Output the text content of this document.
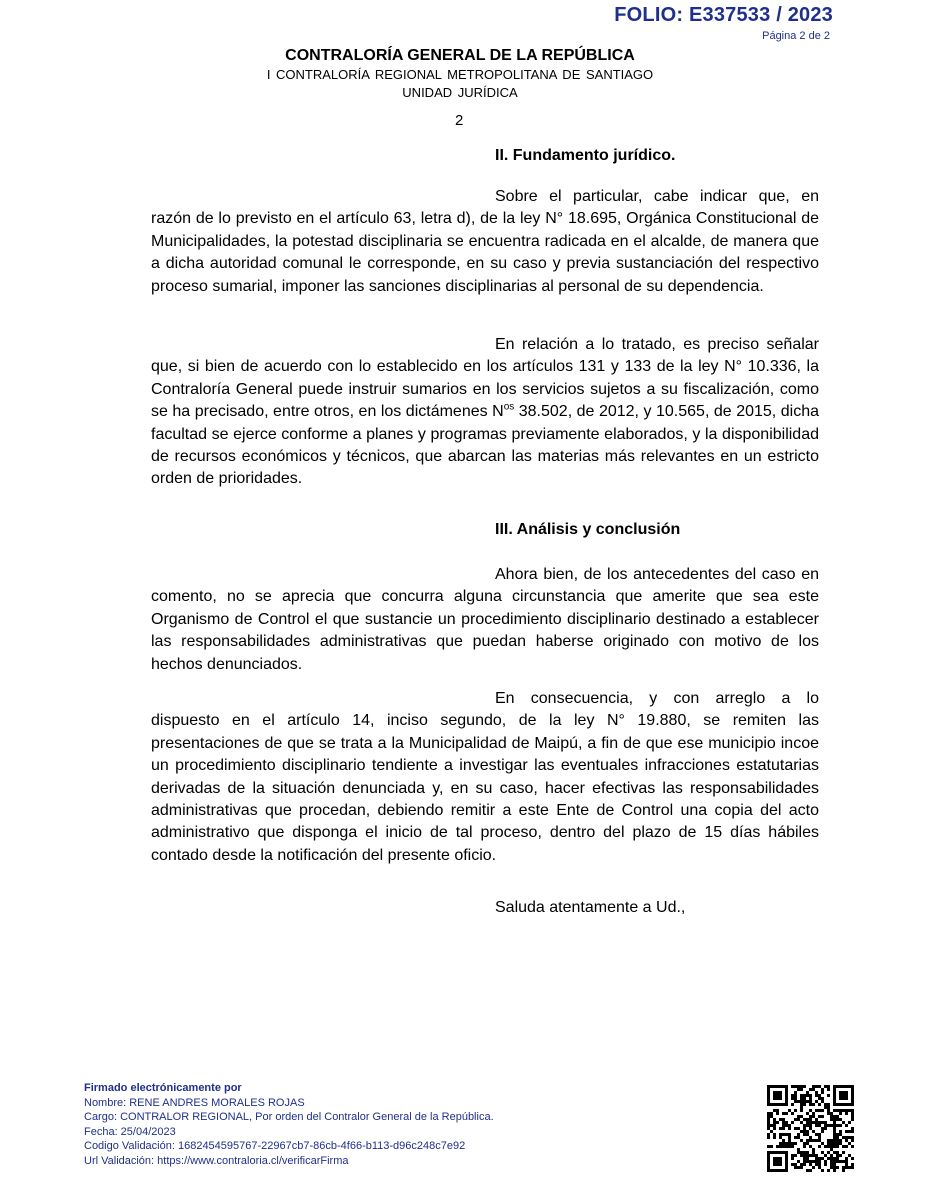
FOLIO: E337533 / 2023
Página 2 de 2
CONTRALORÍA GENERAL DE LA REPÚBLICA
I CONTRALORÍA REGIONAL METROPOLITANA DE SANTIAGO
UNIDAD JURÍDICA
2
II. Fundamento jurídico.
Sobre el particular, cabe indicar que, en razón de lo previsto en el artículo 63, letra d), de la ley N° 18.695, Orgánica Constitucional de Municipalidades, la potestad disciplinaria se encuentra radicada en el alcalde, de manera que a dicha autoridad comunal le corresponde, en su caso y previa sustanciación del respectivo proceso sumarial, imponer las sanciones disciplinarias al personal de su dependencia.
En relación a lo tratado, es preciso señalar que, si bien de acuerdo con lo establecido en los artículos 131 y 133 de la ley N° 10.336, la Contraloría General puede instruir sumarios en los servicios sujetos a su fiscalización, como se ha precisado, entre otros, en los dictámenes $N^{os}$ 38.502, de 2012, y 10.565, de 2015, dicha facultad se ejerce conforme a planes y programas previamente elaborados, y la disponibilidad de recursos económicos y técnicos, que abarcan las materias más relevantes en un estricto orden de prioridades.
III. Análisis y conclusión
Ahora bien, de los antecedentes del caso en comento, no se aprecia que concurra alguna circunstancia que amerite que sea este Organismo de Control el que sustancie un procedimiento disciplinario destinado a establecer las responsabilidades administrativas que puedan haberse originado con motivo de los hechos denunciados.
En consecuencia, y con arreglo a lo dispuesto en el artículo 14, inciso segundo, de la ley N° 19.880, se remiten las presentaciones de que se trata a la Municipalidad de Maipú, a fin de que ese municipio incoe un procedimiento disciplinario tendiente a investigar las eventuales infracciones estatutarias derivadas de la situación denunciada y, en su caso, hacer efectivas las responsabilidades administrativas que procedan, debiendo remitir a este Ente de Control una copia del acto administrativo que disponga el inicio de tal proceso, dentro del plazo de 15 días hábiles contado desde la notificación del presente oficio.
Saluda atentamente a Ud.,
Firmado electrónicamente por
Nombre: RENE ANDRES MORALES ROJAS
Cargo: CONTRALOR REGIONAL, Por orden del Contralor General de la República.
Fecha: 25/04/2023
Codigo Validación: 1682454595767-22967cb7-86cb-4f66-b113-d96c248c7e92
Url Validación: https://www.contraloria.cl/verificarFirma
